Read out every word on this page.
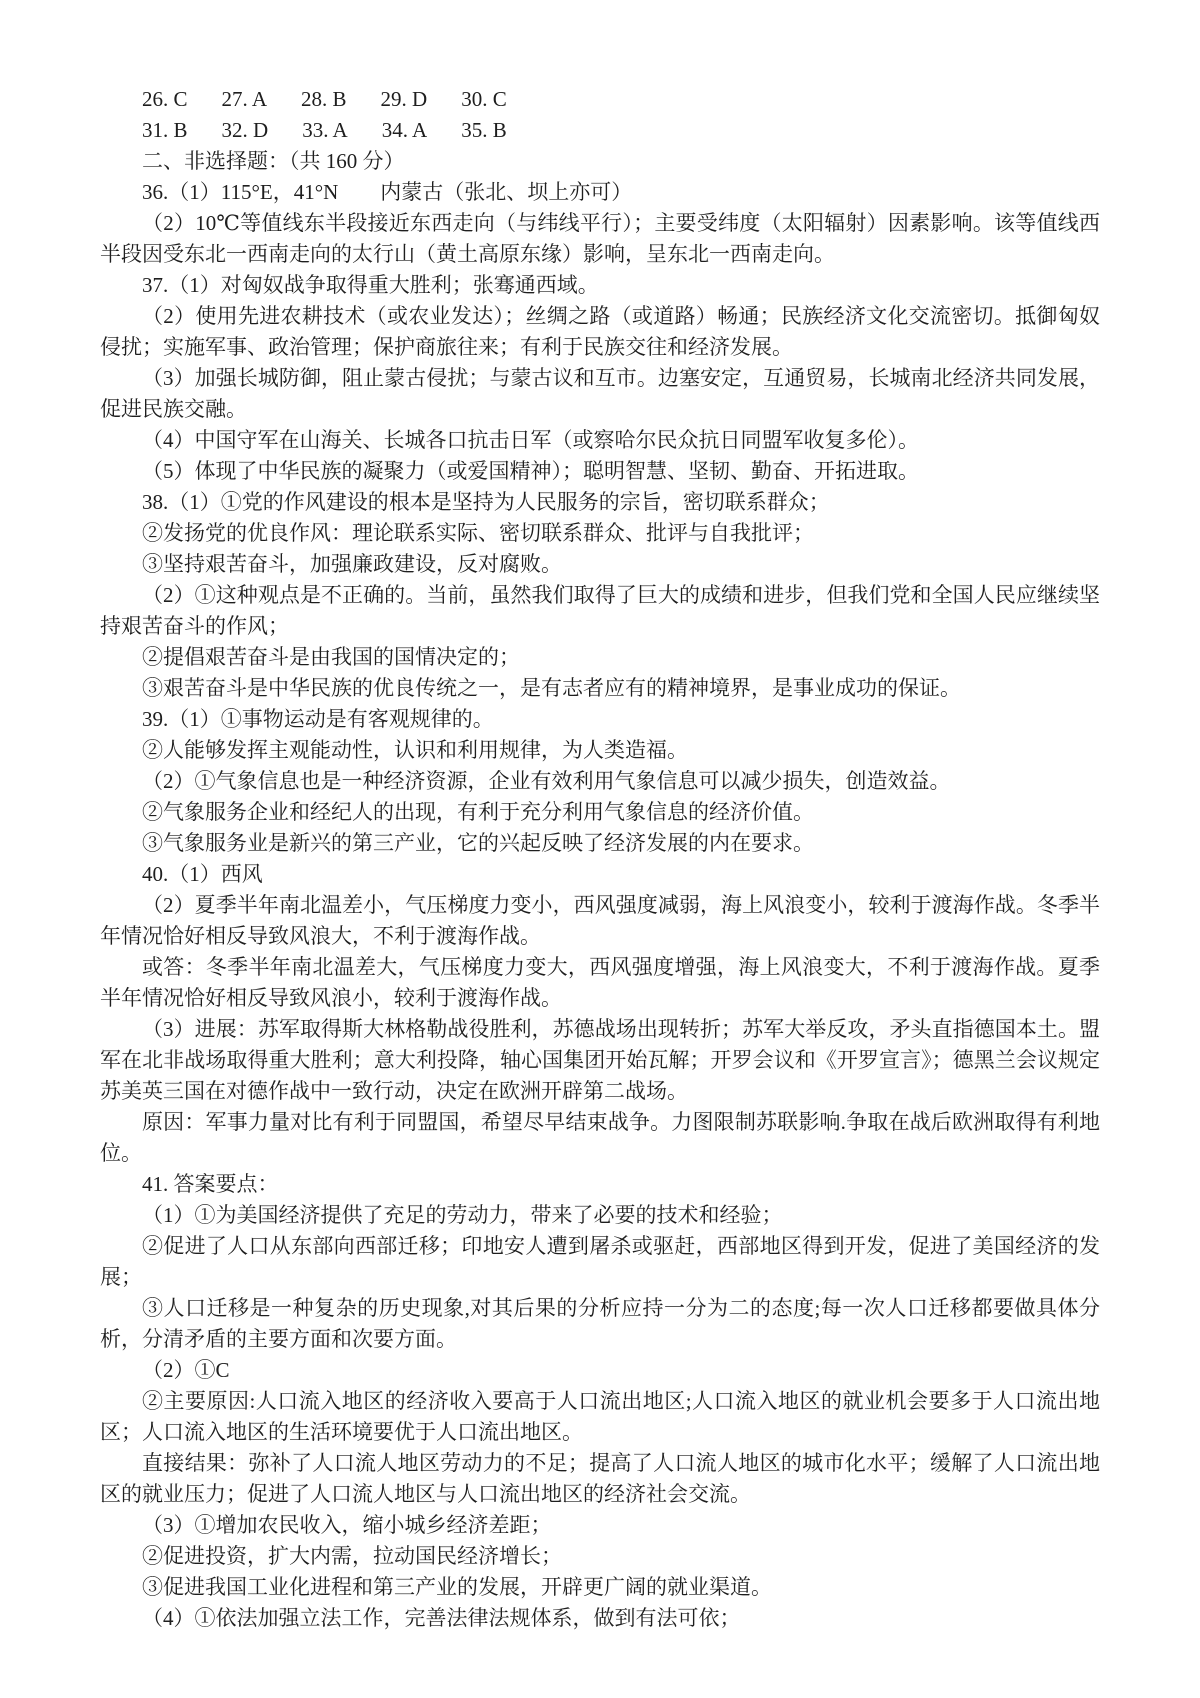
26. C 27. A 28. B 29. D 30. C
31. B 32. D 33. A 34. A 35. B

二、非选择题：（共 160 分）

36.（1）115°E，41°N　　内蒙古（张北、坝上亦可）

（2）10℃等值线东半段接近东西走向（与纬线平行）；主要受纬度（太阳辐射）因素影响。该等值线西半段因受东北一西南走向的太行山（黄土高原东缘）影响，呈东北一西南走向。

37.（1）对匈奴战争取得重大胜利；张骞通西域。

（2）使用先进农耕技术（或农业发达）；丝绸之路（或道路）畅通；民族经济文化交流密切。抵御匈奴侵扰；实施军事、政治管理；保护商旅往来；有利于民族交往和经济发展。

（3）加强长城防御，阻止蒙古侵扰；与蒙古议和互市。边塞安定，互通贸易，长城南北经济共同发展，促进民族交融。

（4）中国守军在山海关、长城各口抗击日军（或察哈尔民众抗日同盟军收复多伦）。

（5）体现了中华民族的凝聚力（或爱国精神）；聪明智慧、坚韧、勤奋、开拓进取。

38.（1）①党的作风建设的根本是坚持为人民服务的宗旨，密切联系群众；

②发扬党的优良作风：理论联系实际、密切联系群众、批评与自我批评；

③坚持艰苦奋斗，加强廉政建设，反对腐败。

（2）①这种观点是不正确的。当前，虽然我们取得了巨大的成绩和进步，但我们党和全国人民应继续坚持艰苦奋斗的作风；

②提倡艰苦奋斗是由我国的国情决定的；

③艰苦奋斗是中华民族的优良传统之一，是有志者应有的精神境界，是事业成功的保证。

39.（1）①事物运动是有客观规律的。

②人能够发挥主观能动性，认识和利用规律，为人类造福。

（2）①气象信息也是一种经济资源，企业有效利用气象信息可以减少损失，创造效益。

②气象服务企业和经纪人的出现，有利于充分利用气象信息的经济价值。

③气象服务业是新兴的第三产业，它的兴起反映了经济发展的内在要求。

40.（1）西风

（2）夏季半年南北温差小，气压梯度力变小，西风强度减弱，海上风浪变小，较利于渡海作战。冬季半年情况恰好相反导致风浪大，不利于渡海作战。

或答：冬季半年南北温差大，气压梯度力变大，西风强度增强，海上风浪变大，不利于渡海作战。夏季半年情况恰好相反导致风浪小，较利于渡海作战。

（3）进展：苏军取得斯大林格勒战役胜利，苏德战场出现转折；苏军大举反攻，矛头直指德国本土。盟军在北非战场取得重大胜利；意大利投降，轴心国集团开始瓦解；开罗会议和《开罗宣言》；德黑兰会议规定苏美英三国在对德作战中一致行动，决定在欧洲开辟第二战场。

原因：军事力量对比有利于同盟国，希望尽早结束战争。力图限制苏联影响.争取在战后欧洲取得有利地位。

41. 答案要点：

（1）①为美国经济提供了充足的劳动力，带来了必要的技术和经验；

②促进了人口从东部向西部迁移；印地安人遭到屠杀或驱赶，西部地区得到开发，促进了美国经济的发展；

③人口迁移是一种复杂的历史现象,对其后果的分析应持一分为二的态度;每一次人口迁移都要做具体分析，分清矛盾的主要方面和次要方面。

（2）①C

②主要原因:人口流入地区的经济收入要高于人口流出地区;人口流入地区的就业机会要多于人口流出地区；人口流入地区的生活环境要优于人口流出地区。

直接结果：弥补了人口流人地区劳动力的不足；提高了人口流人地区的城市化水平；缓解了人口流出地区的就业压力；促进了人口流人地区与人口流出地区的经济社会交流。

（3）①增加农民收入，缩小城乡经济差距；

②促进投资，扩大内需，拉动国民经济增长；

③促进我国工业化进程和第三产业的发展，开辟更广阔的就业渠道。

（4）①依法加强立法工作，完善法律法规体系，做到有法可依；
